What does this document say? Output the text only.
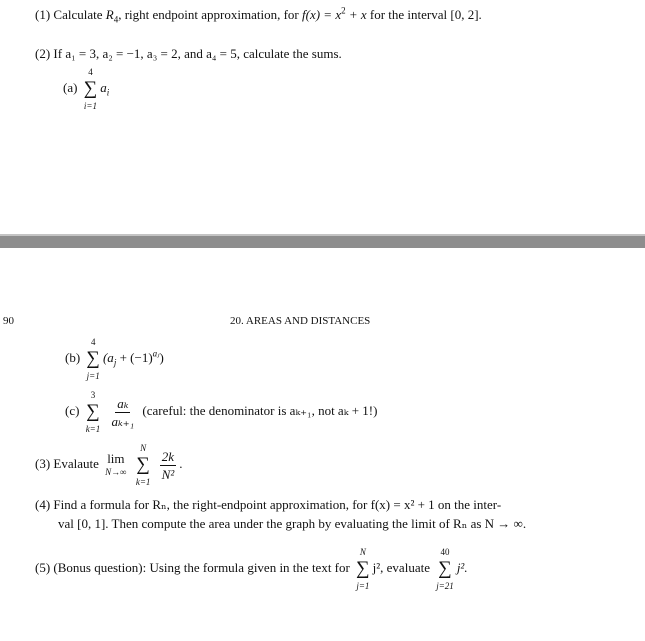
(1) Calculate $R_4$, right endpoint approximation, for $f(x) = x^2 + x$ for the interval [0, 2].
(2) If a₁ = 3, a₂ = −1, a₃ = 2, and a₄ = 5, calculate the sums.
(a)
4
∑
i=1
$a_i$
90	20. AREAS AND DISTANCES
(b)
4
∑
j=1
$(a_j + (-1)^{aⱼ})$
(c)
3
∑
k=1

$\frac{\text{aₖ}}{\text{aₖ₊₁}}$ (careful: the denominator is aₖ₊₁, not aₖ + 1!)
(3) Evalaute lim
N→∞

N
∑
k=1

$\frac{2k}{\text{N²}}$ .
(4) Find a formula for Rₙ, the right-endpoint approximation, for f(x) = x² + 1 on the inter-
val [0, 1]. Then compute the area under the graph by evaluating the limit of Rₙ as N → ∞.
(5) (Bonus question): Using the formula given in the text for
N
∑
j=1
j², evaluate
40
∑
j=21
j².
